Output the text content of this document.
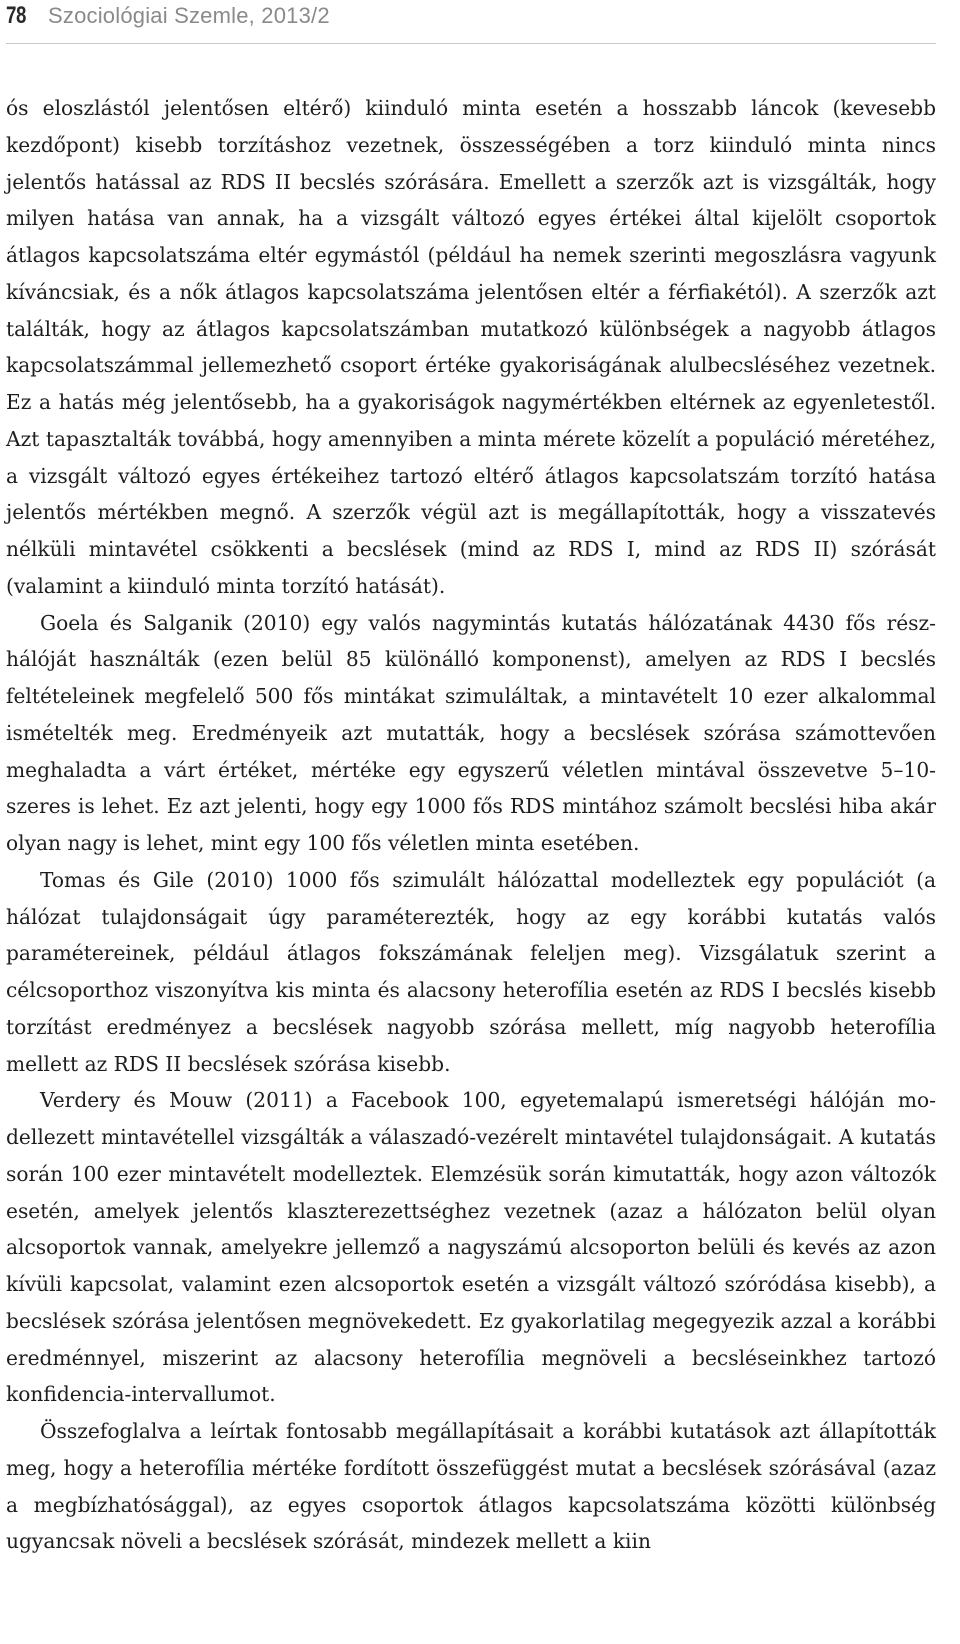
78 Szociológiai Szemle, 2013/2

ós eloszlástól jelentősen eltérő) kiinduló minta esetén a hosszabb láncok (kevesebb kezdőpont) kisebb torzításhoz vezetnek, összességében a torz kiinduló minta nincs jelentős hatással az RDS II becslés szórására. Emellett a szerzők azt is vizsgálták, hogy milyen hatása van annak, ha a vizsgált változó egyes értékei által kijelölt csoportok átlagos kapcsolatszáma eltér egymástól (például ha nemek szerinti megoszlásra vagyunk kíváncsiak, és a nők átlagos kapcsolatszáma jelentősen eltér a férfiakétól). A szerzők azt találták, hogy az átlagos kapcsolatszámban mutatkozó különbségek a nagyobb átlagos kapcsolatszámmal jellemezhető csoport értéke gyakoriságának alulbecsléséhez vezetnek. Ez a hatás még jelentősebb, ha a gyakoriságok nagymértékben eltérnek az egyenletestől. Azt tapasztalták továbbá, hogy amennyiben a minta mérete közelít a populáció méretéhez, a vizsgált változó egyes értékeihez tartozó eltérő átlagos kapcsolatszám torzító hatása jelentős mértékben megnő. A szerzők végül azt is megállapították, hogy a visszatevés nélküli mintavétel csökkenti a becslések (mind az RDS I, mind az RDS II) szórását (valamint a kiinduló minta torzító hatását).

Goela és Salganik (2010) egy valós nagymintás kutatás hálózatának 4430 fős részhálóját használták (ezen belül 85 különálló komponenst), amelyen az RDS I becslés feltételeinek megfelelő 500 fős mintákat szimuláltak, a mintavételt 10 ezer alkalommal ismételték meg. Eredményeik azt mutatták, hogy a becslések szórása számottevően meghaladta a várt értéket, mértéke egy egyszerű véletlen mintával összevetve 5–10-szeres is lehet. Ez azt jelenti, hogy egy 1000 fős RDS mintához számolt becslési hiba akár olyan nagy is lehet, mint egy 100 fős véletlen minta esetében.

Tomas és Gile (2010) 1000 fős szimulált hálózattal modelleztek egy populációt (a hálózat tulajdonságait úgy paraméterezték, hogy az egy korábbi kutatás valós paramétereinek, például átlagos fokszámának feleljen meg). Vizsgálatuk szerint a célcsoporthoz viszonyítva kis minta és alacsony heterofília esetén az RDS I becslés kisebb torzítást eredményez a becslések nagyobb szórása mellett, míg nagyobb heterofília mellett az RDS II becslések szórása kisebb.

Verdery és Mouw (2011) a Facebook 100, egyetemalapú ismeretségi hálóján modellezett mintavétellel vizsgálták a válaszadó-vezérelt mintavétel tulajdonságait. A kutatás során 100 ezer mintavételt modelleztek. Elemzésük során kimutatták, hogy azon változók esetén, amelyek jelentős klaszterezettséghez vezetnek (azaz a hálózaton belül olyan alcsoportok vannak, amelyekre jellemző a nagyszámú alcsoporton belüli és kevés az azon kívüli kapcsolat, valamint ezen alcsoportok esetén a vizsgált változó szóródása kisebb), a becslések szórása jelentősen megnövekedett. Ez gyakorlatilag megegyezik azzal a korábbi eredménnyel, miszerint az alacsony heterofília megnöveli a becsléseinkhez tartozó konfidencia-intervallumot.

Összefoglalva a leírtak fontosabb megállapításait a korábbi kutatások azt állapították meg, hogy a heterofília mértéke fordított összefüggést mutat a becslések szórásával (azaz a megbízhatósággal), az egyes csoportok átlagos kapcsolatszáma közötti különbség ugyancsak növeli a becslések szórását, mindezek mellett a kiin
